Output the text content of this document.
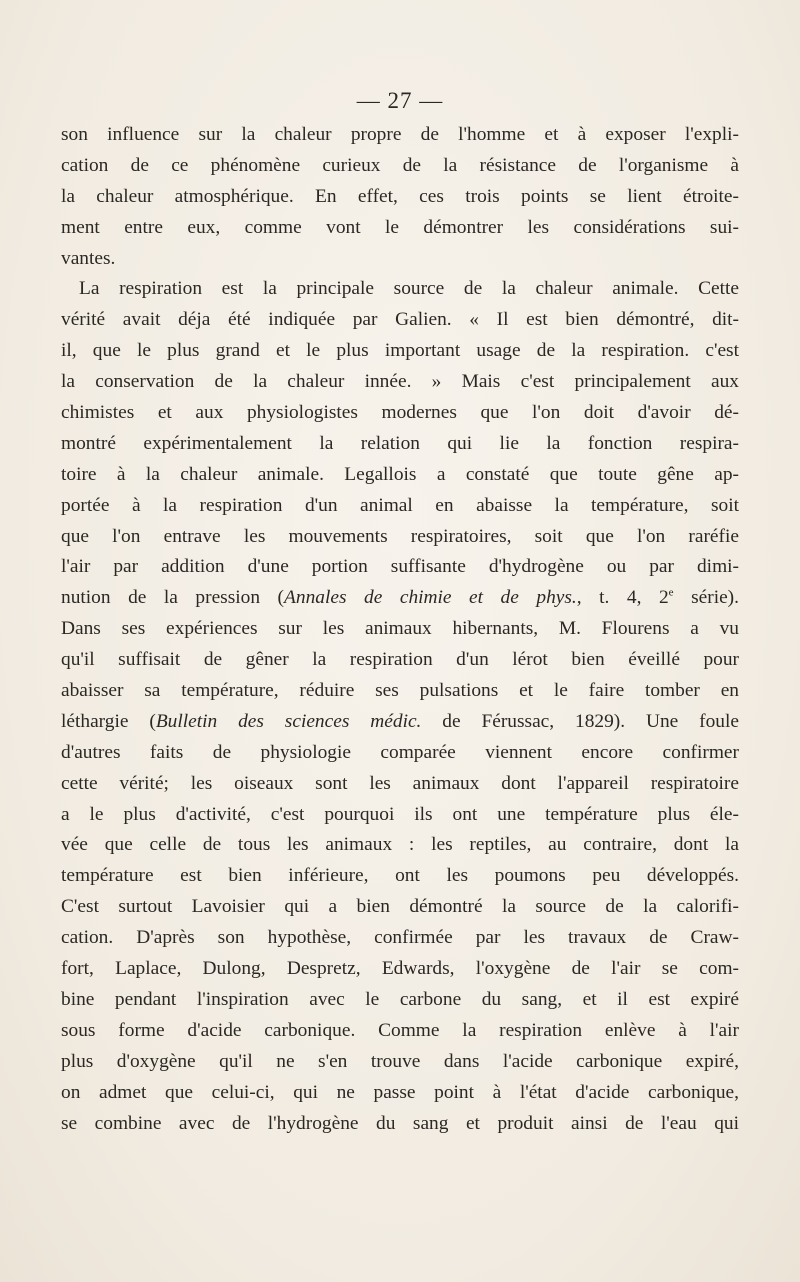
— 27 —
son influence sur la chaleur propre de l'homme et à exposer l'expli-
cation de ce phénomène curieux de la résistance de l'organisme à
la chaleur atmosphérique. En effet, ces trois points se lient étroite-
ment entre eux, comme vont le démontrer les considérations sui-
vantes.
La respiration est la principale source de la chaleur animale. Cette
vérité avait déja été indiquée par Galien. « Il est bien démontré, dit-
il, que le plus grand et le plus important usage de la respiration. c'est
la conservation de la chaleur innée. » Mais c'est principalement aux
chimistes et aux physiologistes modernes que l'on doit d'avoir dé-
montré expérimentalement la relation qui lie la fonction respira-
toire à la chaleur animale. Legallois a constaté que toute gêne ap-
portée à la respiration d'un animal en abaisse la température, soit
que l'on entrave les mouvements respiratoires, soit que l'on raréfie
l'air par addition d'une portion suffisante d'hydrogène ou par dimi-
nution de la pression (Annales de chimie et de phys., t. 4, 2e série).
Dans ses expériences sur les animaux hibernants, M. Flourens a vu
qu'il suffisait de gêner la respiration d'un lérot bien éveillé pour
abaisser sa température, réduire ses pulsations et le faire tomber en
léthargie (Bulletin des sciences médic. de Férussac, 1829). Une foule
d'autres faits de physiologie comparée viennent encore confirmer
cette vérité; les oiseaux sont les animaux dont l'appareil respiratoire
a le plus d'activité, c'est pourquoi ils ont une température plus éle-
vée que celle de tous les animaux : les reptiles, au contraire, dont la
température est bien inférieure, ont les poumons peu développés.
C'est surtout Lavoisier qui a bien démontré la source de la calorifi-
cation. D'après son hypothèse, confirmée par les travaux de Craw-
fort, Laplace, Dulong, Despretz, Edwards, l'oxygène de l'air se com-
bine pendant l'inspiration avec le carbone du sang, et il est expiré
sous forme d'acide carbonique. Comme la respiration enlève à l'air
plus d'oxygène qu'il ne s'en trouve dans l'acide carbonique expiré,
on admet que celui-ci, qui ne passe point à l'état d'acide carbonique,
se combine avec de l'hydrogène du sang et produit ainsi de l'eau qui
